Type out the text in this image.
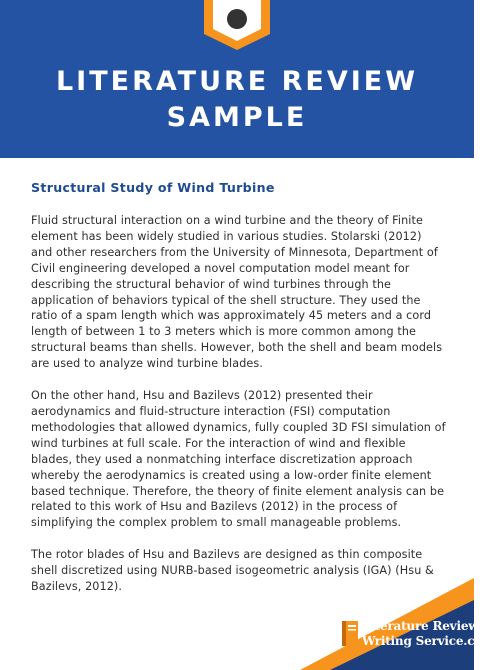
LITERATURE REVIEW
SAMPLE
Structural Study of Wind Turbine
Fluid structural interaction on a wind turbine and the theory of Finite
element has been widely studied in various studies. Stolarski (2012)
and other researchers from the University of Minnesota, Department of
Civil engineering developed a novel computation model meant for
describing the structural behavior of wind turbines through the
application of behaviors typical of the shell structure. They used the
ratio of a spam length which was approximately 45 meters and a cord
length of between 1 to 3 meters which is more common among the
structural beams than shells. However, both the shell and beam models
are used to analyze wind turbine blades.
On the other hand, Hsu and Bazilevs (2012) presented their
aerodynamics and fluid-structure interaction (FSI) computation
methodologies that allowed dynamics, fully coupled 3D FSI simulation of
wind turbines at full scale. For the interaction of wind and flexible
blades, they used a nonmatching interface discretization approach
whereby the aerodynamics is created using a low-order finite element
based technique. Therefore, the theory of finite element analysis can be
related to this work of Hsu and Bazilevs (2012) in the process of
simplifying the complex problem to small manageable problems.
The rotor blades of Hsu and Bazilevs are designed as thin composite
shell discretized using NURB-based isogeometric analysis (IGA) (Hsu &
Bazilevs, 2012).
Literature Review
Writing Service.com
